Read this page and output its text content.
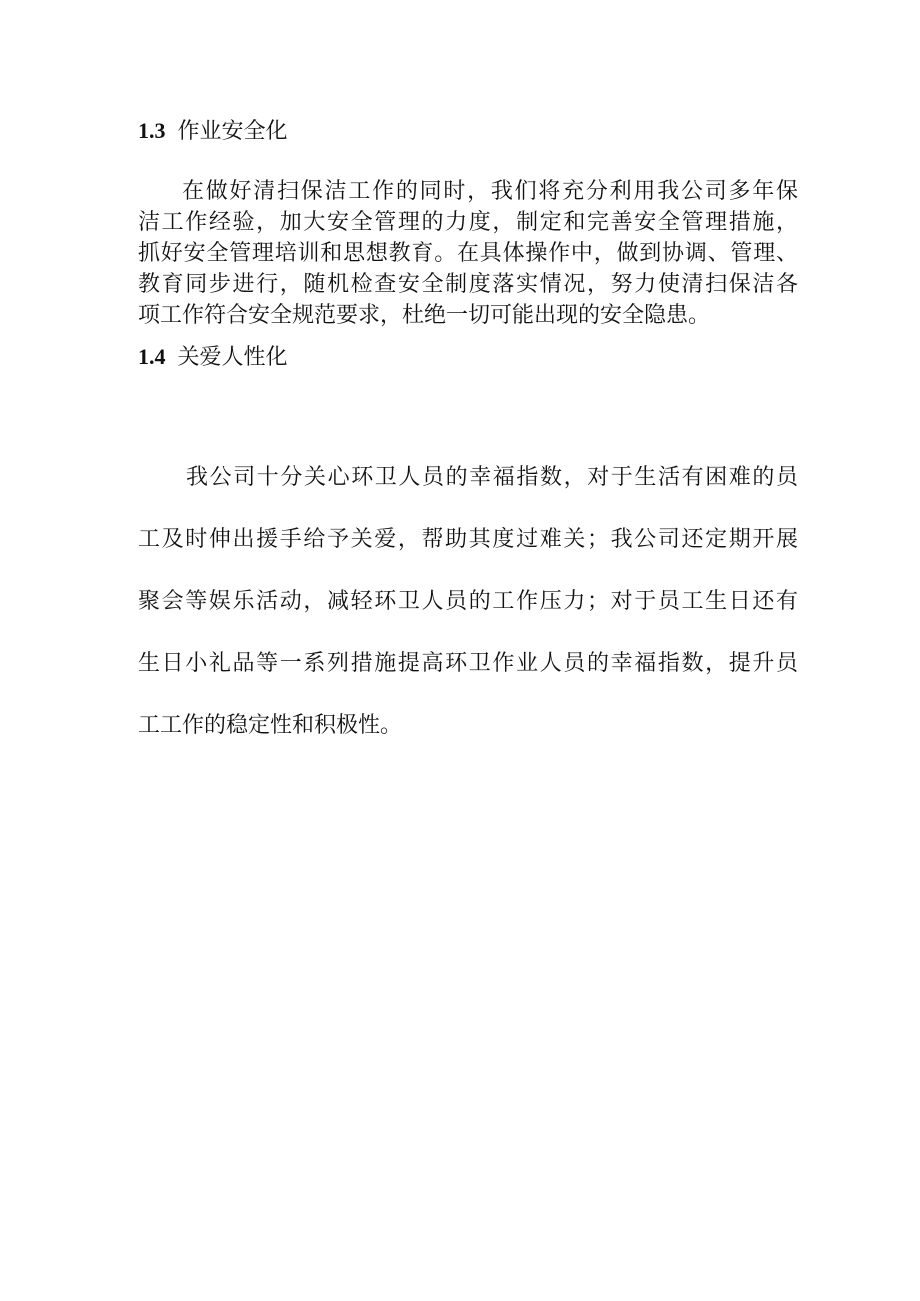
1.3 作业安全化
在做好清扫保洁工作的同时，我们将充分利用我公司多年保
洁工作经验，加大安全管理的力度，制定和完善安全管理措施，
抓好安全管理培训和思想教育。在具体操作中，做到协调、管理、
教育同步进行，随机检查安全制度落实情况，努力使清扫保洁各
项工作符合安全规范要求，杜绝一切可能出现的安全隐患。
1.4 关爱人性化
我公司十分关心环卫人员的幸福指数，对于生活有困难的员
工及时伸出援手给予关爱，帮助其度过难关；我公司还定期开展
聚会等娱乐活动，减轻环卫人员的工作压力；对于员工生日还有
生日小礼品等一系列措施提高环卫作业人员的幸福指数，提升员
工工作的稳定性和积极性。
